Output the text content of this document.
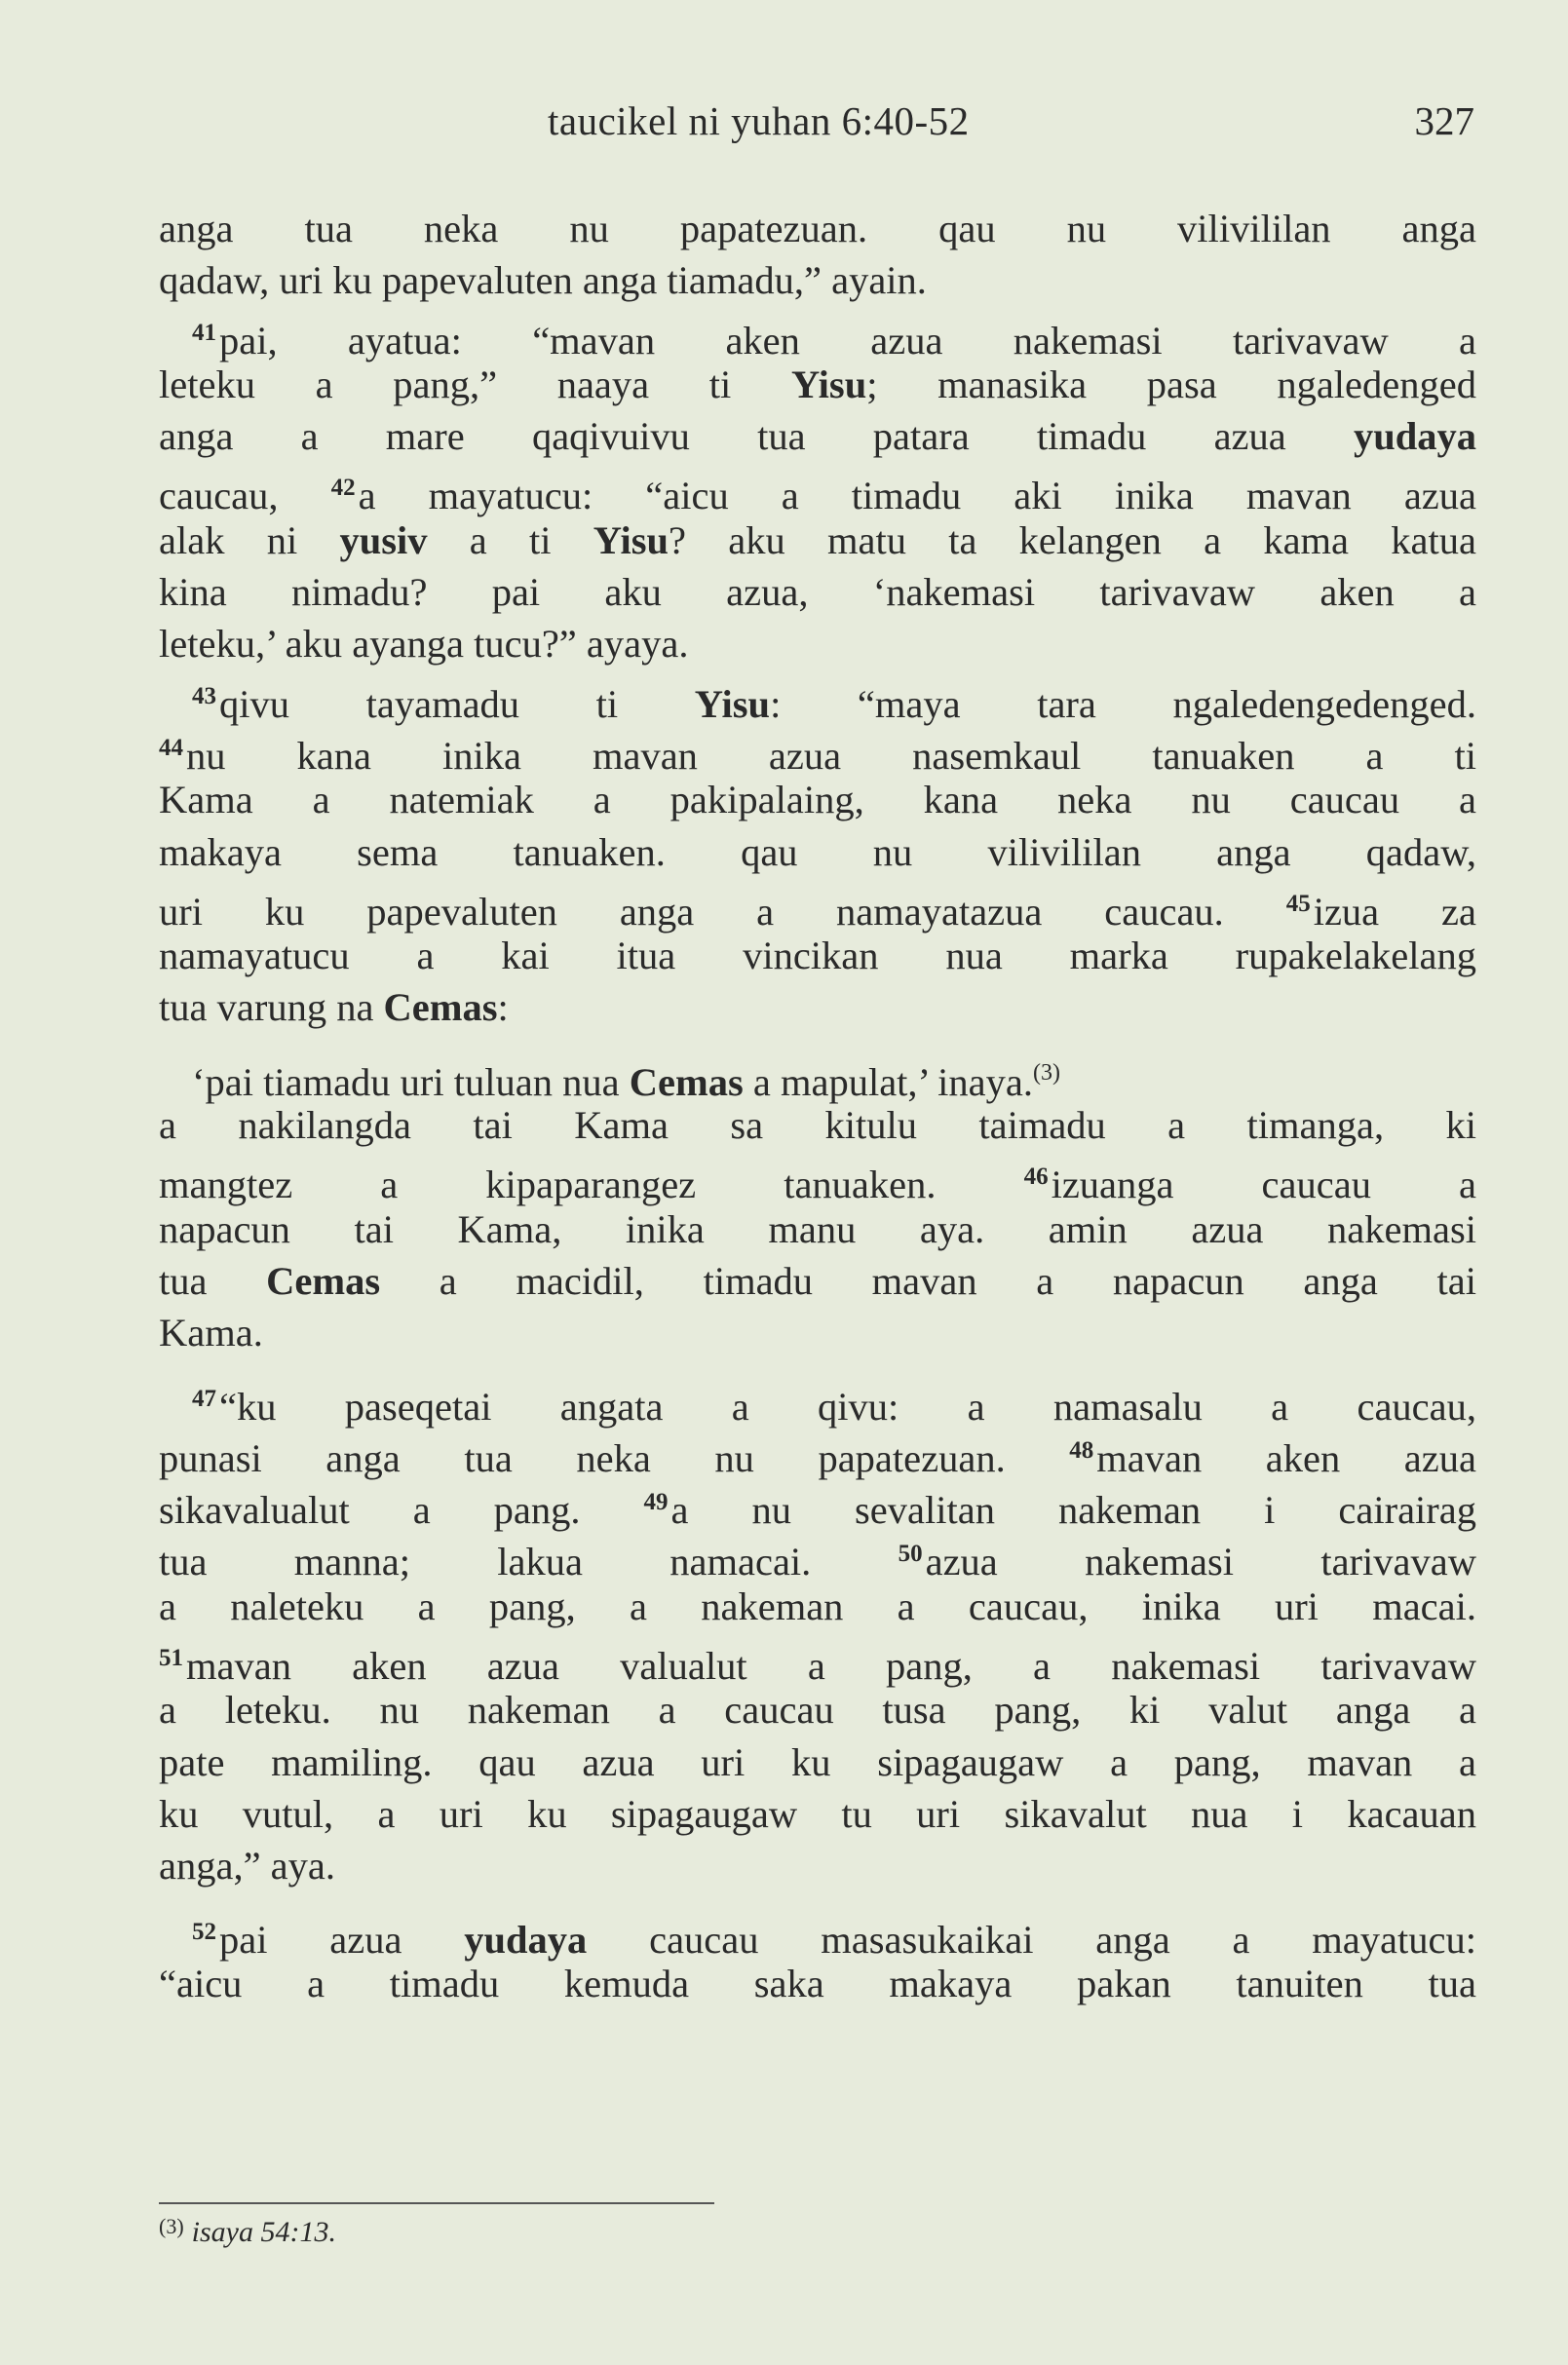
taucikel ni yuhan 6:40-52	327
anga tua neka nu papatezuan. qau nu vilivililan anga
qadaw, uri ku papevaluten anga tiamadu,” ayain.
$^{41}$pai, ayatua: “mavan aken azua nakemasi tarivavaw a
leteku a pang,” naaya ti Yisu; manasika pasa ngaledenged
anga a mare qaqivuivu tua patara timadu azua yudaya
caucau, $^{42}$a mayatucu: “aicu a timadu aki inika mavan azua
alak ni yusiv a ti Yisu? aku matu ta kelangen a kama katua
kina nimadu? pai aku azua, ‘nakemasi tarivavaw aken a
leteku,’ aku ayanga tucu?” ayaya.
$^{43}$qivu tayamadu ti Yisu: “maya tara ngaledengedenged.
$^{44}$nu kana inika mavan azua nasemkaul tanuaken a ti
Kama a natemiak a pakipalaing, kana neka nu caucau a
makaya sema tanuaken. qau nu vilivililan anga qadaw,
uri ku papevaluten anga a namayatazua caucau. $^{45}$izua za
namayatucu a kai itua vincikan nua marka rupakelakelang
tua varung na Cemas:
‘pai tiamadu uri tuluan nua Cemas a mapulat,’ inaya.$^{(3)}$
a nakilangda tai Kama sa kitulu taimadu a timanga, ki
mangtez a kipaparangez tanuaken. $^{46}$izuanga caucau a
napacun tai Kama, inika manu aya. amin azua nakemasi
tua Cemas a macidil, timadu mavan a napacun anga tai
Kama.
$^{47}$“ku paseqetai angata a qivu: a namasalu a caucau,
punasi anga tua neka nu papatezuan. $^{48}$mavan aken azua
sikavalualut a pang. $^{49}$a nu sevalitan nakeman i cairairag
tua manna; lakua namacai. $^{50}$azua nakemasi tarivavaw
a naleteku a pang, a nakeman a caucau, inika uri macai.
$^{51}$mavan aken azua valualut a pang, a nakemasi tarivavaw
a leteku. nu nakeman a caucau tusa pang, ki valut anga a
pate mamiling. qau azua uri ku sipagaugaw a pang, mavan a
ku vutul, a uri ku sipagaugaw tu uri sikavalut nua i kacauan
anga,” aya.
$^{52}$pai azua yudaya caucau masasukaikai anga a mayatucu:
“aicu a timadu kemuda saka makaya pakan tanuiten tua
$^{(3)}$ isaya 54:13.
